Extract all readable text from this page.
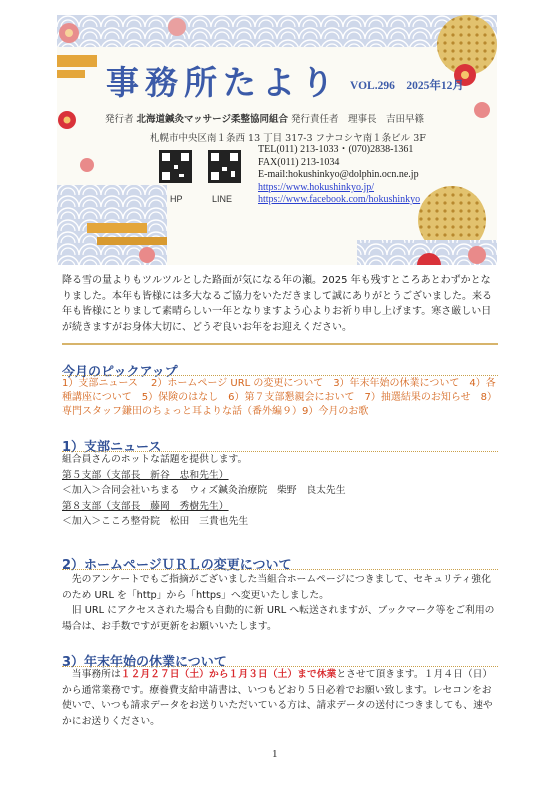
事務所たより VOL.296　2025年12月
発行者 北海道鍼灸マッサージ柔整協同組合 発行責任者　理事長　吉田早篠
札幌市中央区南１条西 13 丁目 317-3 フナコシヤ南１条ビル 3F
HP	LINE
TEL(011) 213-1033・(070)2838-1361
FAX(011) 213-1034
E-mail:hokushinkyo@dolphin.ocn.ne.jp
https://www.hokushinkyo.jp/
https://www.facebook.com/hokushinkyo
降る雪の量よりもツルツルとした路面が気になる年の瀬。2025 年も残すところあとわずかとなりました。本年も皆様には多大なるご協力をいただきまして誠にありがとうございました。来る年も皆様にとりまして素晴らしい一年となりますよう心よりお祈り申し上げます。寒さ厳しい日が続きますがお身体大切に、どうぞ良いお年をお迎えください。
今月のピックアップ
1）支部ニュース　 2）ホームページ URL の変更について　3）年末年始の休業について　4）各種講座について　5）保険のはなし　6）第７支部懇親会において　7）抽選結果のお知らせ　8）専門スタッフ鎌田のちょっと耳よりな話（番外編９）9）今月のお歌
1）支部ニュース
組合員さんのホットな話題を提供します。
第５支部（支部長　新谷　忠和先生）
＜加入＞合同会社いちまる　ウィズ鍼灸治療院　柴野　良太先生
第８支部（支部長　藤岡　秀樹先生）
＜加入＞こころ整骨院　松田　三貴也先生
2）ホームページＵＲＬの変更について
先のアンケートでもご指摘がございました当組合ホームページにつきまして、セキュリティ強化のため URL を「http」から「https」へ変更いたしました。
旧 URL にアクセスされた場合も自動的に新 URL へ転送されますが、ブックマーク等をご利用の場合は、お手数ですが更新をお願いいたします。
3）年末年始の休業について
当事務所は１２月２７日（土）から１月３日（土）まで休業とさせて頂きます。１月４日（日）から通常業務です。療養費支給申請書は、いつもどおり５日必着でお願い致します。レセコンをお使いで、いつも請求データをお送りいただいている方は、請求データの送付につきましても、速やかにお送りください。
1
